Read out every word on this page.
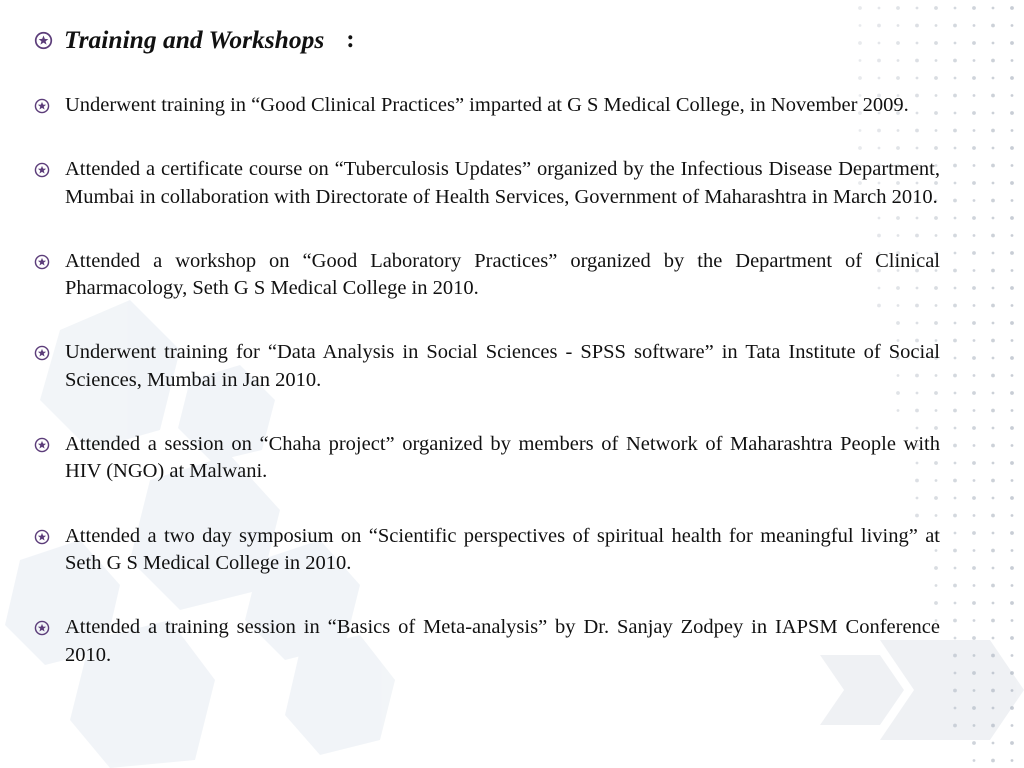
Training and Workshops :
Underwent training in “Good Clinical Practices” imparted at G S Medical College, in November 2009.
Attended a certificate course on “Tuberculosis Updates” organized by the Infectious Disease Department, Mumbai in collaboration with Directorate of Health Services, Government of Maharashtra in March 2010.
Attended a workshop on “Good Laboratory Practices” organized by the Department of Clinical Pharmacology, Seth G S Medical College in 2010.
Underwent training for “Data Analysis in Social Sciences - SPSS software” in Tata Institute of Social Sciences, Mumbai in Jan 2010.
Attended a session on “Chaha project” organized by members of Network of Maharashtra People with HIV (NGO) at Malwani.
Attended a two day symposium on “Scientific perspectives of spiritual health for meaningful living” at Seth G S Medical College in 2010.
Attended a training session in “Basics of Meta-analysis” by Dr. Sanjay Zodpey in IAPSM Conference 2010.
